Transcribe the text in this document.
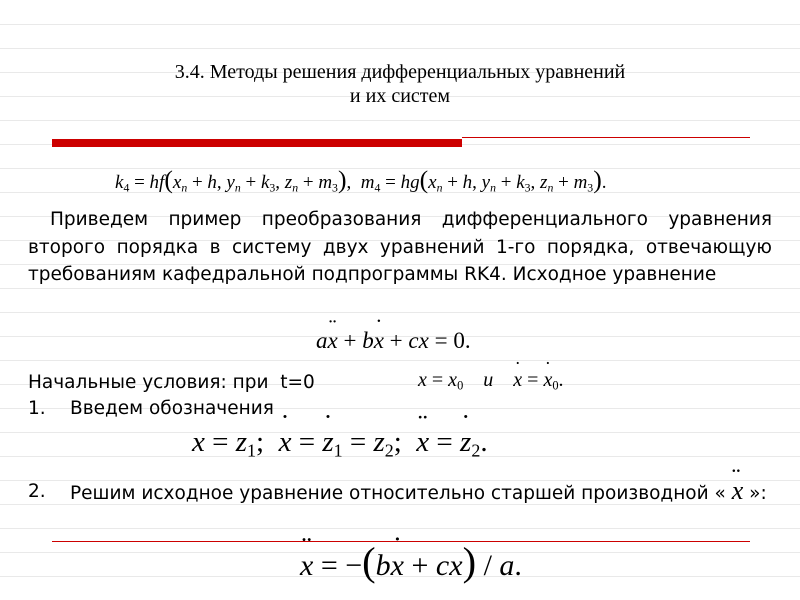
3.4. Методы решения дифференциальных уравнений
и их систем
$k_4 = hf(x_n + h$, $y_n + k_3$, $z_n + m_3$),  $m_4 = hg(x_n + h$, $y_n + k_3$, $z_n + m_3$).
Приведем пример преобразования дифференциального уравнения второго порядка в систему двух уравнений 1-го порядка, отвечающую требованиям кафедральной подпрограммы RK4. Исходное уравнение
ax ¨ + bx ˙ + cx = 0.
Начальные условия: при t=0	$x = x_0$ и x ˙ = x $˙_0$.
1. Введем обозначения
$x = z_1$; x ˙ = z $˙_1 = z_2$; x ¨ = z $˙_2$.
2. Решим исходное уравнение относительно старшей производной « x ¨ »:
x ¨ = −(bx ˙ + cx) / a.
